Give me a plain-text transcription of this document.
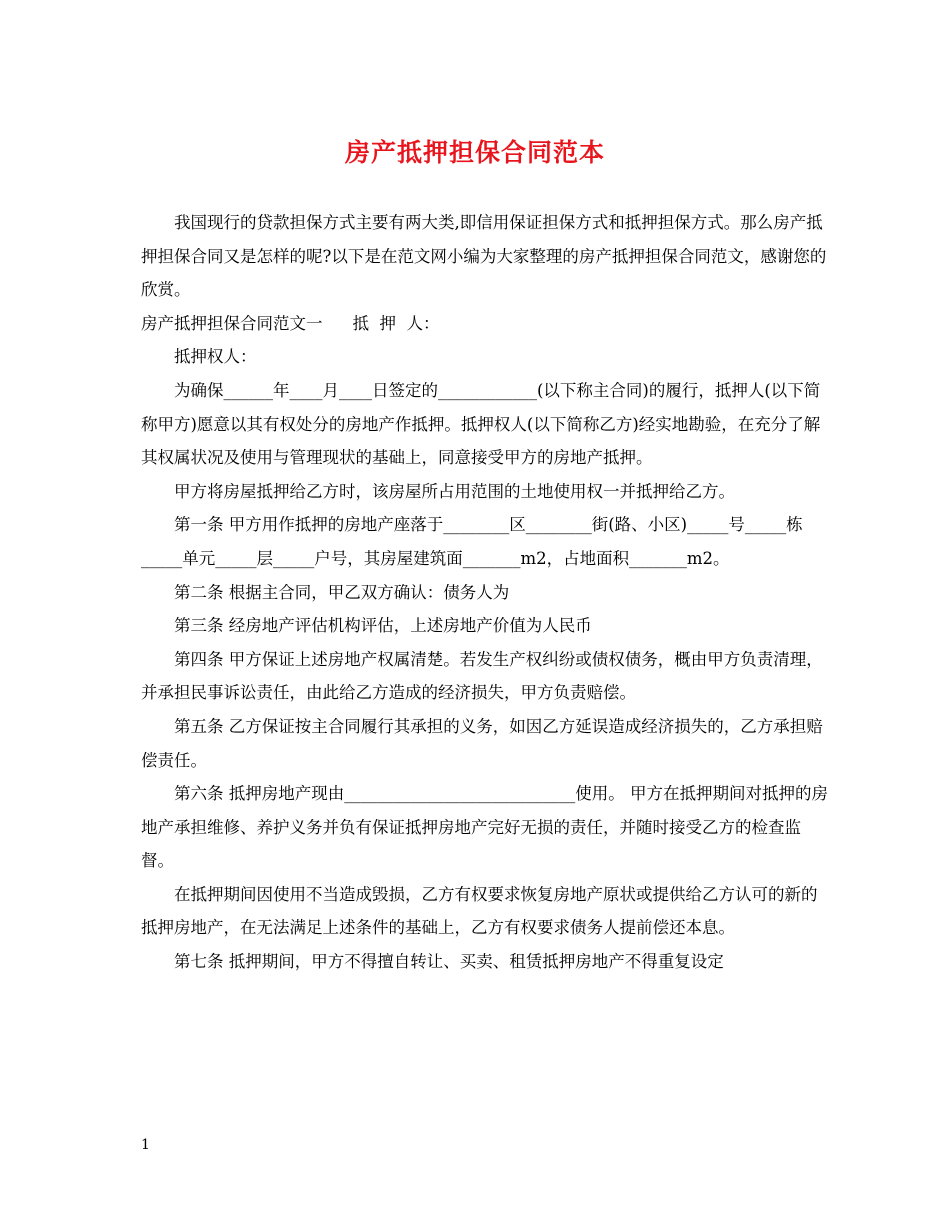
房产抵押担保合同范本

我国现行的贷款担保方式主要有两大类,即信用保证担保方式和抵押担保方式。那么房产抵押担保合同又是怎样的呢?以下是在范文网小编为大家整理的房产抵押担保合同范文，感谢您的欣赏。

房产抵押担保合同范文一 抵  押  人：

抵押权人：

为确保______年____月____日签定的____________(以下称主合同)的履行，抵押人(以下简称甲方)愿意以其有权处分的房地产作抵押。抵押权人(以下简称乙方)经实地勘验，在充分了解其权属状况及使用与管理现状的基础上，同意接受甲方的房地产抵押。

甲方将房屋抵押给乙方时，该房屋所占用范围的土地使用权一并抵押给乙方。

第一条 甲方用作抵押的房地产座落于________区________街(路、小区)_____号_____栋_____单元_____层_____户号，其房屋建筑面_______m2，占地面积_______m2。

第二条 根据主合同，甲乙双方确认：债务人为

第三条 经房地产评估机构评估，上述房地产价值为人民币

第四条 甲方保证上述房地产权属清楚。若发生产权纠纷或债权债务，概由甲方负责清理，并承担民事诉讼责任，由此给乙方造成的经济损失，甲方负责赔偿。

第五条 乙方保证按主合同履行其承担的义务，如因乙方延误造成经济损失的，乙方承担赔偿责任。

第六条 抵押房地产现由____________________________使用。 甲方在抵押期间对抵押的房地产承担维修、养护义务并负有保证抵押房地产完好无损的责任，并随时接受乙方的检查监督。

在抵押期间因使用不当造成毁损，乙方有权要求恢复房地产原状或提供给乙方认可的新的抵押房地产，在无法满足上述条件的基础上，乙方有权要求债务人提前偿还本息。

第七条 抵押期间，甲方不得擅自转让、买卖、租赁抵押房地产不得重复设定

1
